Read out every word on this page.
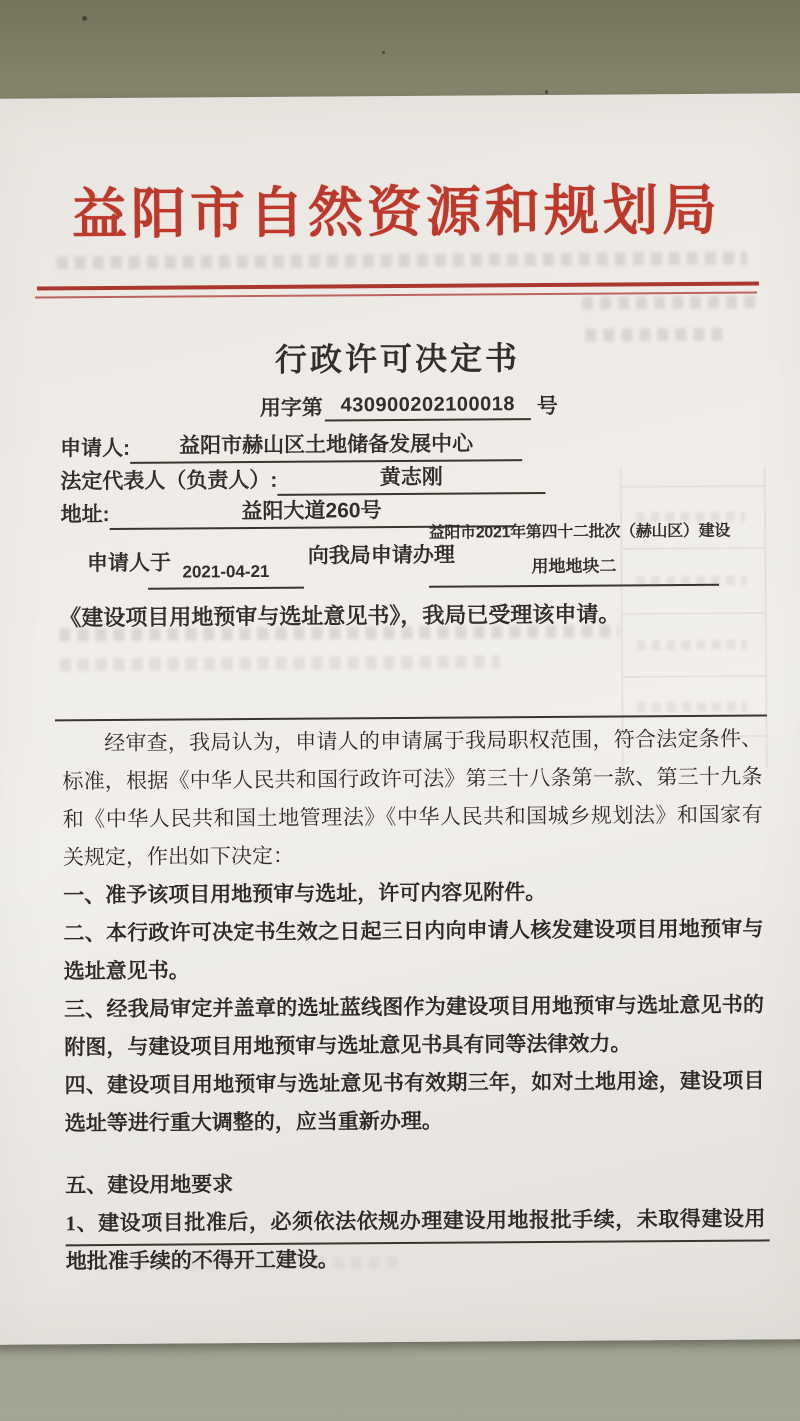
益阳市自然资源和规划局
行政许可决定书
用字第 430900202100018	号
申请人:	益阳市赫山区土地储备发展中心
法定代表人（负责人）:	黄志刚
地址:	益阳大道260号
申请人于 2021-04-21
向我局申请办理
益阳市2021年第四十二批次（赫山区）建设
用地地块二
《建设项目用地预审与选址意见书》，我局已受理该申请。

经审查，我局认为，申请人的申请属于我局职权范围，符合法定条件、标准，根据《中华人民共和国行政许可法》第三十八条第一款、第三十九条和《中华人民共和国土地管理法》《中华人民共和国城乡规划法》和国家有关规定，作出如下决定：

一、准予该项目用地预审与选址，许可内容见附件。

二、本行政许可决定书生效之日起三日内向申请人核发建设项目用地预审与选址意见书。

三、经我局审定并盖章的选址蓝线图作为建设项目用地预审与选址意见书的附图，与建设项目用地预审与选址意见书具有同等法律效力。

四、建设项目用地预审与选址意见书有效期三年，如对土地用途，建设项目选址等进行重大调整的，应当重新办理。

五、建设用地要求

1、建设项目批准后，必须依法依规办理建设用地报批手续，未取得建设用地批准手续的不得开工建设。
